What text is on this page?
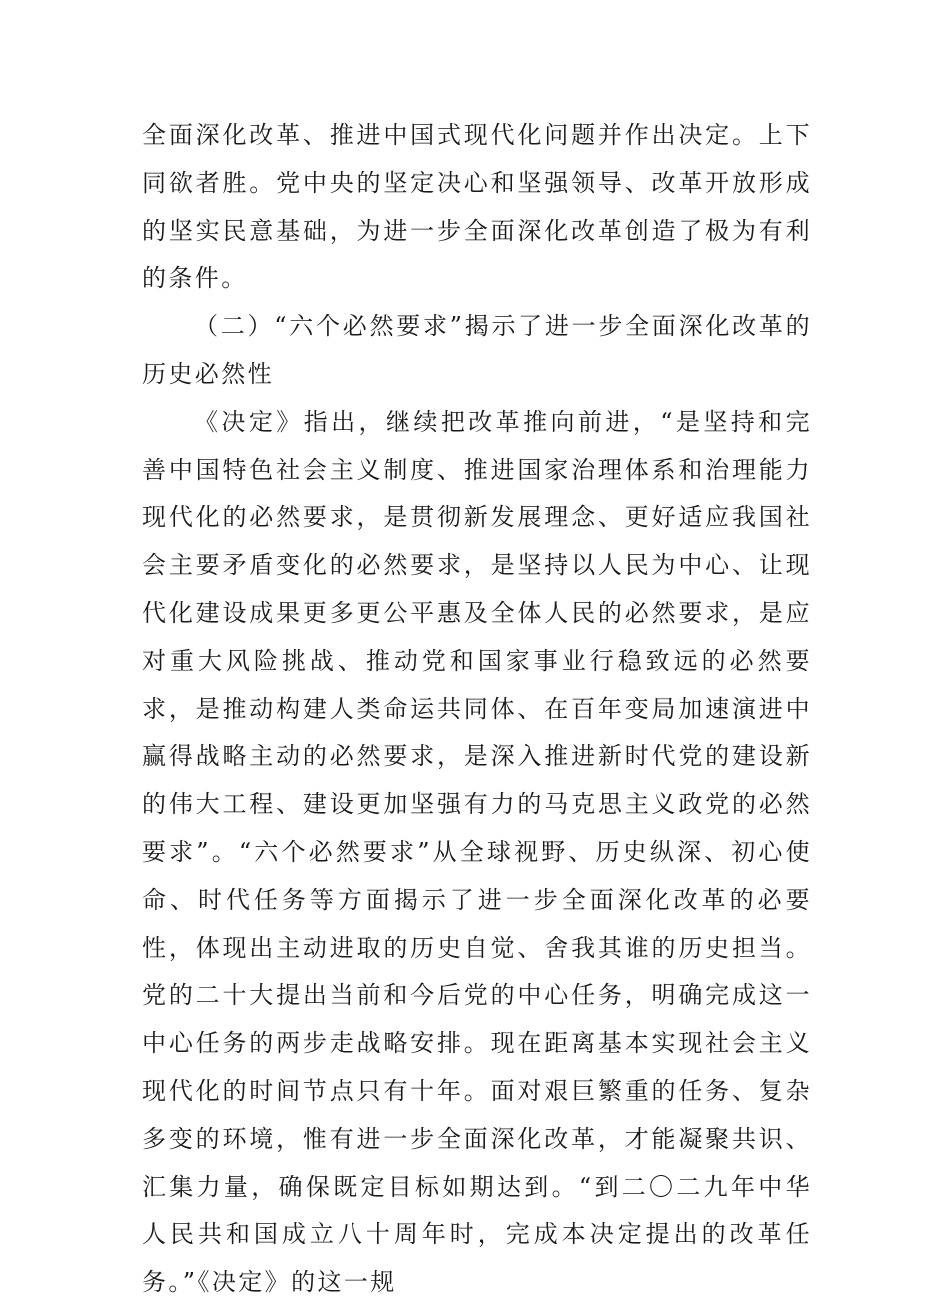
全面深化改革、推进中国式现代化问题并作出决定。上下同欲者胜。党中央的坚定决心和坚强领导、改革开放形成的坚实民意基础，为进一步全面深化改革创造了极为有利的条件。

（二）“六个必然要求”揭示了进一步全面深化改革的历史必然性

《决定》指出，继续把改革推向前进，“是坚持和完善中国特色社会主义制度、推进国家治理体系和治理能力现代化的必然要求，是贯彻新发展理念、更好适应我国社会主要矛盾变化的必然要求，是坚持以人民为中心、让现代化建设成果更多更公平惠及全体人民的必然要求，是应对重大风险挑战、推动党和国家事业行稳致远的必然要求，是推动构建人类命运共同体、在百年变局加速演进中赢得战略主动的必然要求，是深入推进新时代党的建设新的伟大工程、建设更加坚强有力的马克思主义政党的必然要求”。“六个必然要求”从全球视野、历史纵深、初心使命、时代任务等方面揭示了进一步全面深化改革的必要性，体现出主动进取的历史自觉、舍我其谁的历史担当。党的二十大提出当前和今后党的中心任务，明确完成这一中心任务的两步走战略安排。现在距离基本实现社会主义现代化的时间节点只有十年。面对艰巨繁重的任务、复杂多变的环境，惟有进一步全面深化改革，才能凝聚共识、汇集力量，确保既定目标如期达到。“到二〇二九年中华人民共和国成立八十周年时，完成本决定提出的改革任务。”《决定》的这一规
